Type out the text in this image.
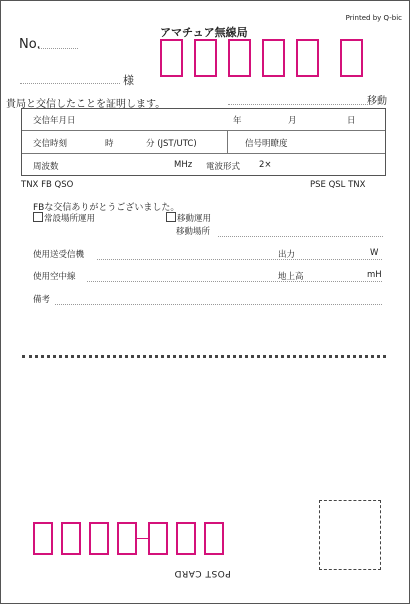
Printed by Q-bic
アマチュア無線局
No.
様
貴局と交信したことを証明します。	移動
交信年月日	年	月	日
交信時刻	時	分 (JST/UTC)	信号明瞭度
周波数	MHz 電波形式 2×
TNX FB QSO	PSE QSL TNX
FBな交信ありがとうございました。
常設場所運用	移動運用
移動場所
使用送受信機	出力	W
使用空中線	地上高	mH
備考
POST CARD
